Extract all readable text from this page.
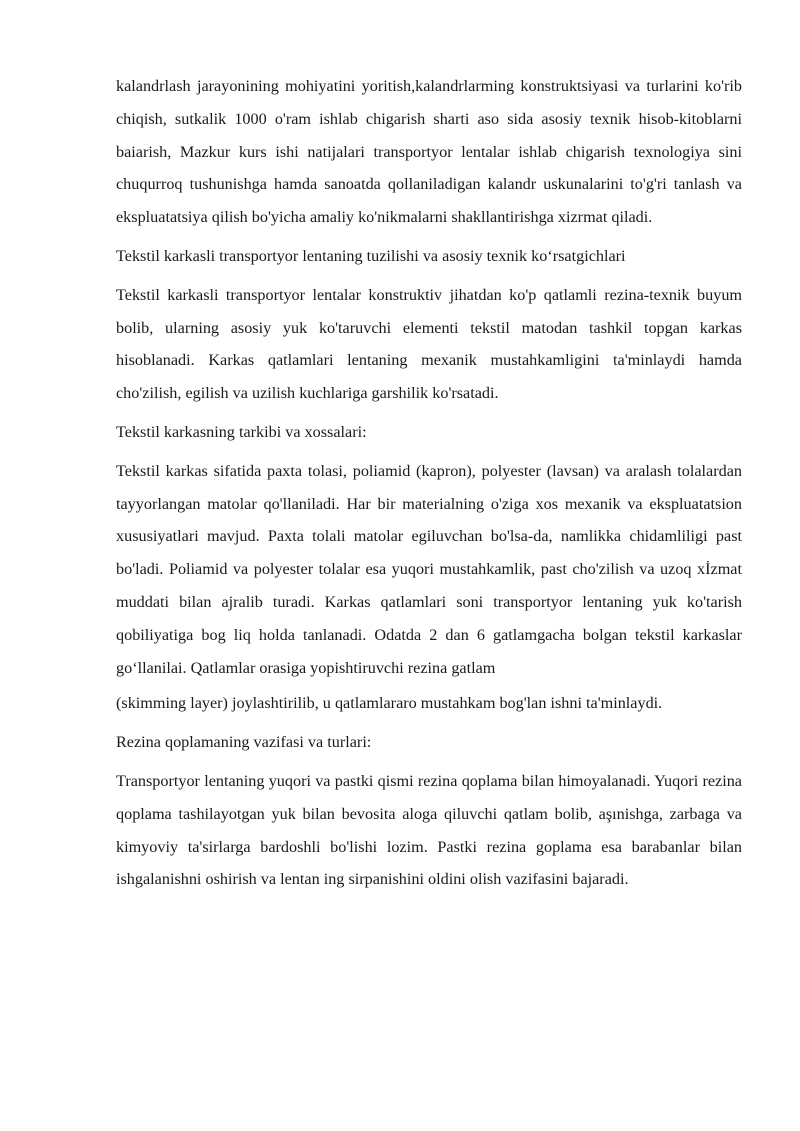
kalandrlash jarayonining mohiyatini yoritish,kalandrlarming konstruktsiyasi va turlarini ko'rib chiqish, sutkalik 1000 o'ram ishlab chigarish sharti aso sida asosiy texnik hisob-kitoblarni baiarish, Mazkur kurs ishi natijalari transportyor lentalar ishlab chigarish texnologiya sini chuqurroq tushunishga hamda sanoatda qollaniladigan kalandr uskunalarini to'g'ri tanlash va ekspluatatsiya qilish bo'yicha amaliy ko'nikmalarni shakllantirishga xizrmat qiladi.

Tekstil karkasli transportyor lentaning tuzilishi va asosiy texnik ko‘rsatgichlari

Tekstil karkasli transportyor lentalar konstruktiv jihatdan ko'p qatlamli rezina-texnik buyum bolib, ularning asosiy yuk ko'taruvchi elementi tekstil matodan tashkil topgan karkas hisoblanadi. Karkas qatlamlari lentaning mexanik mustahkamligini ta'minlaydi hamda cho'zilish, egilish va uzilish kuchlariga garshilik ko'rsatadi.

Tekstil karkasning tarkibi va xossalari:

Tekstil karkas sifatida paxta tolasi, poliamid (kapron), polyester (lavsan) va aralash tolalardan tayyorlangan matolar qo'llaniladi. Har bir materialning o'ziga xos mexanik va ekspluatatsion xususiyatlari mavjud. Paxta tolali matolar egiluvchan bo'lsa-da, namlikka chidamliligi past bo'ladi. Poliamid va polyester tolalar esa yuqori mustahkamlik, past cho'zilish va uzoq xİzmat muddati bilan ajralib turadi. Karkas qatlamlari soni transportyor lentaning yuk ko'tarish qobiliyatiga bog liq holda tanlanadi. Odatda 2 dan 6 gatlamgacha bolgan tekstil karkaslar go‘llanilai. Qatlamlar orasiga yopishtiruvchi rezina gatlam

(skimming layer) joylashtirilib, u qatlamlararo mustahkam bog'lan ishni ta'minlaydi.

Rezina qoplamaning vazifasi va turlari:

Transportyor lentaning yuqori va pastki qismi rezina qoplama bilan himoyalanadi. Yuqori rezina qoplama tashilayotgan yuk bilan bevosita aloga qiluvchi qatlam bolib, aşınishga, zarbaga va kimyoviy ta'sirlarga bardoshli bo'lishi lozim. Pastki rezina goplama esa barabanlar bilan ishgalanishni oshirish va lentan ing sirpanishini oldini olish vazifasini bajaradi.
